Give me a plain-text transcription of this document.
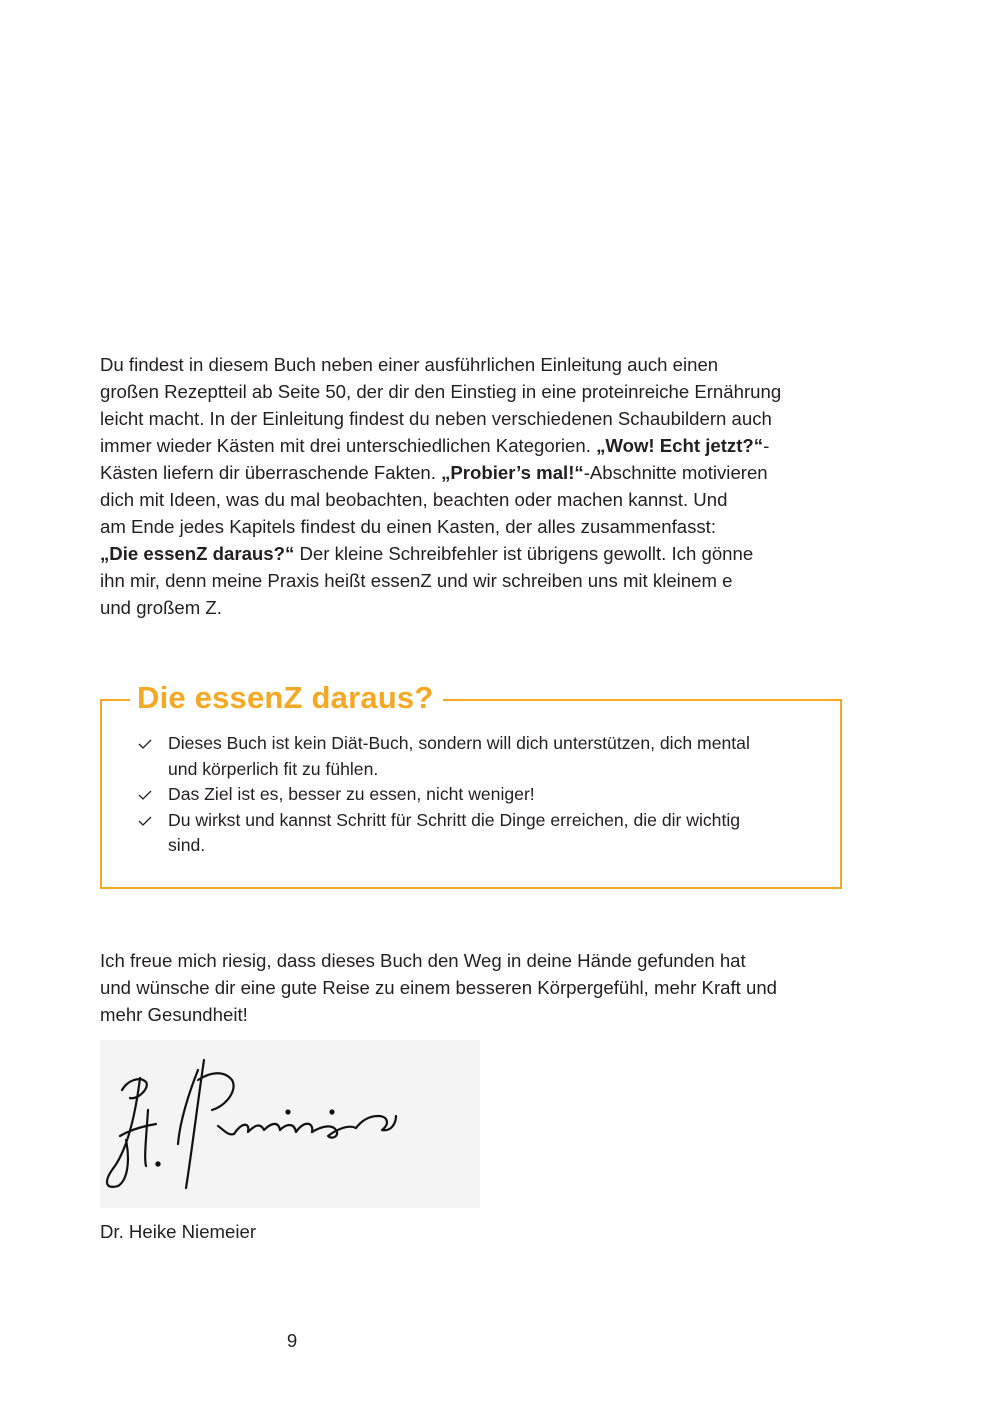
Du findest in diesem Buch neben einer ausführlichen Einleitung auch einen
großen Rezeptteil ab Seite 50, der dir den Einstieg in eine proteinreiche Ernährung
leicht macht. In der Einleitung findest du neben verschiedenen Schaubildern auch
immer wieder Kästen mit drei unterschiedlichen Kategorien. „Wow! Echt jetzt?“-
Kästen liefern dir überraschende Fakten. „Probier’s mal!“-Abschnitte motivieren
dich mit Ideen, was du mal beobachten, beachten oder machen kannst. Und
am Ende jedes Kapitels findest du einen Kasten, der alles zusammenfasst:
„Die essenZ daraus?“ Der kleine Schreibfehler ist übrigens gewollt. Ich gönne
ihn mir, denn meine Praxis heißt essenZ und wir schreiben uns mit kleinem e
und großem Z.
Die essenZ daraus?
Dieses Buch ist kein Diät-Buch, sondern will dich unterstützen, dich mental
und körperlich fit zu fühlen.
Das Ziel ist es, besser zu essen, nicht weniger!
Du wirkst und kannst Schritt für Schritt die Dinge erreichen, die dir wichtig
sind.
Ich freue mich riesig, dass dieses Buch den Weg in deine Hände gefunden hat
und wünsche dir eine gute Reise zu einem besseren Körpergefühl, mehr Kraft und
mehr Gesundheit!
Dr. Heike Niemeier
9
